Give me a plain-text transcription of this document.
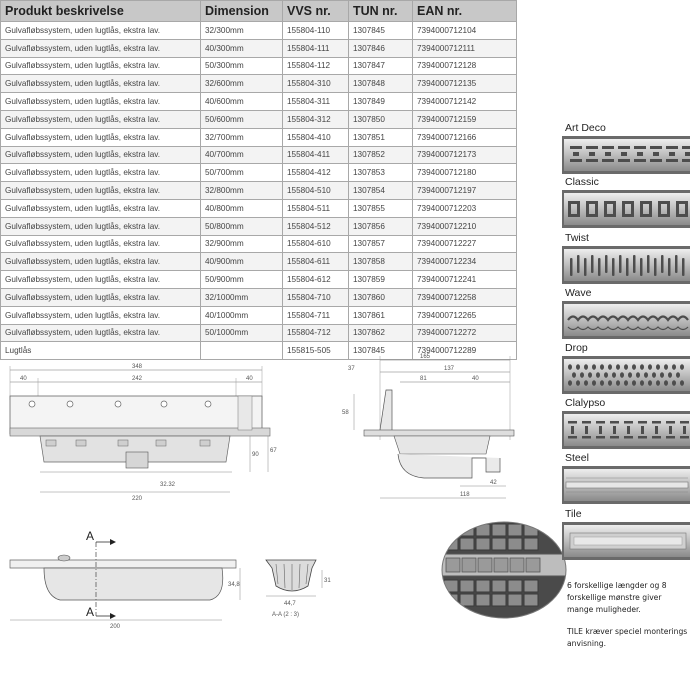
Produkt beskrivelse	Dimension	VVS nr.	TUN nr.	EAN nr.
Gulvafløbssystem, uden lugtlås, ekstra lav.	32/300mm	155804-110	1307845	7394000712104
Gulvafløbssystem, uden lugtlås, ekstra lav.	40/300mm	155804-111	1307846	7394000712111
Gulvafløbssystem, uden lugtlås, ekstra lav.	50/300mm	155804-112	1307847	7394000712128
Gulvafløbssystem, uden lugtlås, ekstra lav.	32/600mm	155804-310	1307848	7394000712135
Gulvafløbssystem, uden lugtlås, ekstra lav.	40/600mm	155804-311	1307849	7394000712142
Gulvafløbssystem, uden lugtlås, ekstra lav.	50/600mm	155804-312	1307850	7394000712159
Gulvafløbssystem, uden lugtlås, ekstra lav.	32/700mm	155804-410	1307851	7394000712166
Gulvafløbssystem, uden lugtlås, ekstra lav.	40/700mm	155804-411	1307852	7394000712173
Gulvafløbssystem, uden lugtlås, ekstra lav.	50/700mm	155804-412	1307853	7394000712180
Gulvafløbssystem, uden lugtlås, ekstra lav.	32/800mm	155804-510	1307854	7394000712197
Gulvafløbssystem, uden lugtlås, ekstra lav.	40/800mm	155804-511	1307855	7394000712203
Gulvafløbssystem, uden lugtlås, ekstra lav.	50/800mm	155804-512	1307856	7394000712210
Gulvafløbssystem, uden lugtlås, ekstra lav.	32/900mm	155804-610	1307857	7394000712227
Gulvafløbssystem, uden lugtlås, ekstra lav.	40/900mm	155804-611	1307858	7394000712234
Gulvafløbssystem, uden lugtlås, ekstra lav.	50/900mm	155804-612	1307859	7394000712241
Gulvafløbssystem, uden lugtlås, ekstra lav.	32/1000mm	155804-710	1307860	7394000712258
Gulvafløbssystem, uden lugtlås, ekstra lav.	40/1000mm	155804-711	1307861	7394000712265
Gulvafløbssystem, uden lugtlås, ekstra lav.	50/1000mm	155804-712	1307862	7394000712272
Lugtlås		155815-505	1307845	7394000712289
348
40	242	40
90
67
32.32
220
165
37	137
81	40
58
42
118
A
A
34,8
200
31
44,7
A-A (2 : 3)
Art Deco
Classic
Twist
Wave
Drop
Clalypso
Steel
Tile

6 forskellige længder og 8 forskellige mønstre giver mange muligheder.

TILE kræver speciel monterings anvisning.
